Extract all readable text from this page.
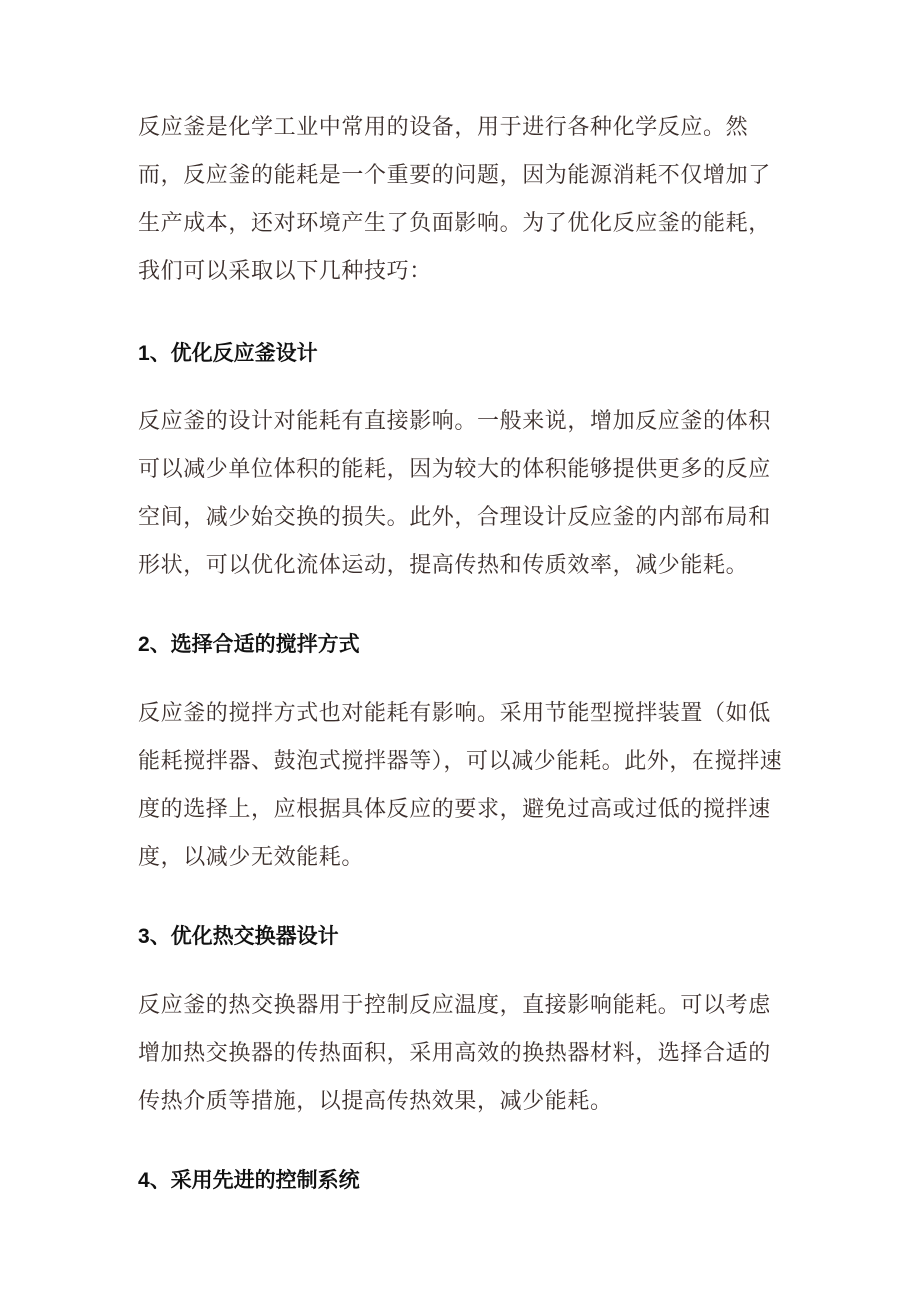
反应釜是化学工业中常用的设备，用于进行各种化学反应。然而，反应釜的能耗是一个重要的问题，因为能源消耗不仅增加了生产成本，还对环境产生了负面影响。为了优化反应釜的能耗，我们可以采取以下几种技巧：

1、优化反应釜设计

反应釜的设计对能耗有直接影响。一般来说，增加反应釜的体积可以减少单位体积的能耗，因为较大的体积能够提供更多的反应空间，减少始交换的损失。此外，合理设计反应釜的内部布局和形状，可以优化流体运动，提高传热和传质效率，减少能耗。

2、选择合适的搅拌方式

反应釜的搅拌方式也对能耗有影响。采用节能型搅拌装置（如低能耗搅拌器、鼓泡式搅拌器等），可以减少能耗。此外，在搅拌速度的选择上，应根据具体反应的要求，避免过高或过低的搅拌速度，以减少无效能耗。

3、优化热交换器设计

反应釜的热交换器用于控制反应温度，直接影响能耗。可以考虑增加热交换器的传热面积，采用高效的换热器材料，选择合适的传热介质等措施，以提高传热效果，减少能耗。

4、采用先进的控制系统
